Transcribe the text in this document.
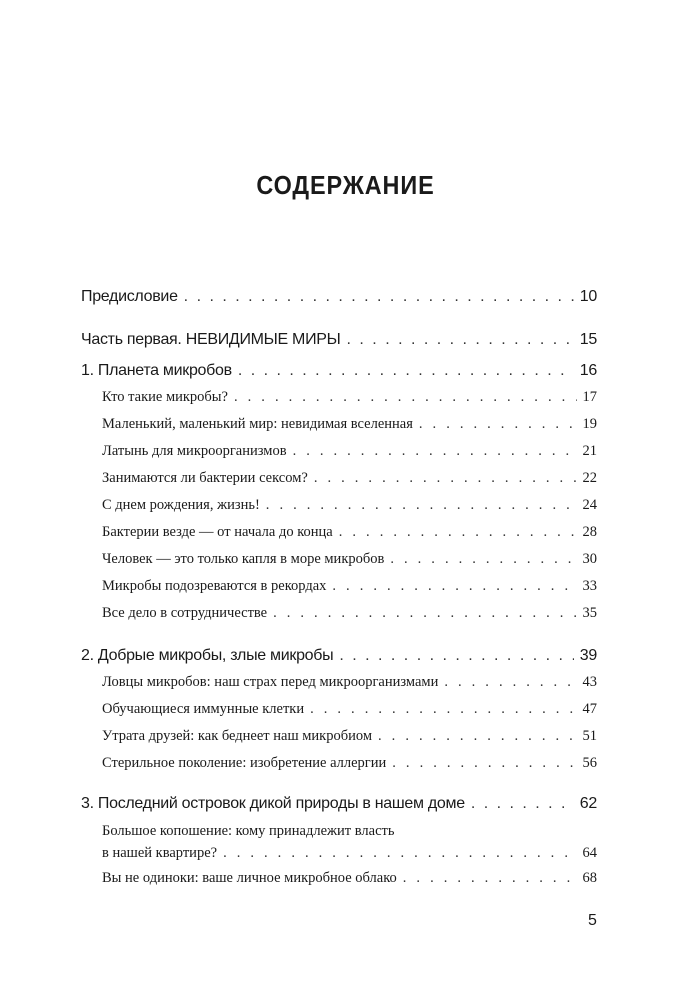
СОДЕРЖАНИЕ
Предисловие . . .	10
Часть первая. НЕВИДИМЫЕ МИРЫ . . .	15
1. Планета микробов . . .	16
Кто такие микробы? . . .	17
Маленький, маленький мир: невидимая вселенная . . .	19
Латынь для микроорганизмов . . .	21
Занимаются ли бактерии сексом? . . .	22
С днем рождения, жизнь! . . .	24
Бактерии везде — от начала до конца . . .	28
Человек — это только капля в море микробов . . .	30
Микробы подозреваются в рекордах . . .	33
Все дело в сотрудничестве . . .	35
2. Добрые микробы, злые микробы . . .	39
Ловцы микробов: наш страх перед микроорганизмами . . .	43
Обучающиеся иммунные клетки . . .	47
Утрата друзей: как беднеет наш микробиом . . .	51
Стерильное поколение: изобретение аллергии . . .	56
3. Последний островок дикой природы в нашем доме . . .	62
Большое копошение: кому принадлежит власть
в нашей квартире? . . .	64
Вы не одиноки: ваше личное микробное облако . . .	68
5
